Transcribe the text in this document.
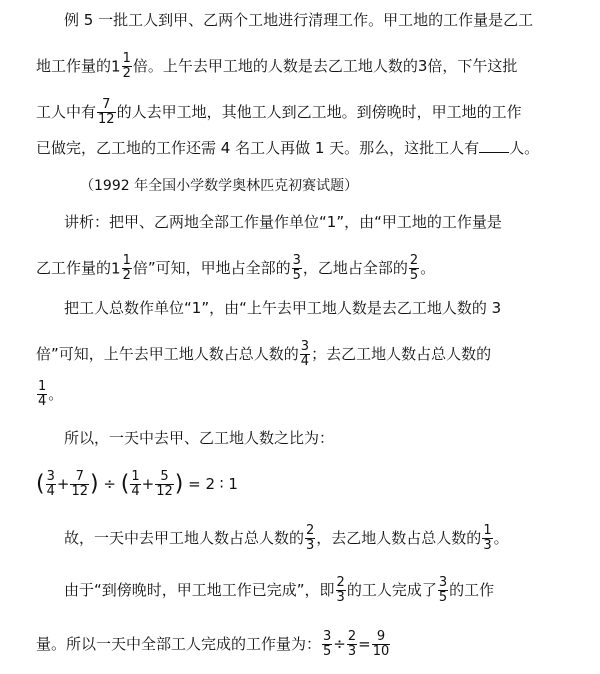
例 5 一批工人到甲、乙两个工地进行清理工作。甲工地的工作量是乙工
地工作量的$1 \frac{1}{2}$ 倍。上午去甲工地的人数是去乙工地人数的3倍，下午这批
工人中有 $\frac{7}{12}$ 的人去甲工地，其他工人到乙工地。到傍晚时，甲工地的工作
已做完，乙工地的工作还需 4 名工人再做 1 天。那么，这批工人有 人。
（1992 年全国小学数学奥林匹克初赛试题）
讲析：把甲、乙两地全部工作量作单位“1”，由“甲工地的工作量是
乙工作量的$1 \frac{1}{2}$ 倍”可知，甲地占全部的 $\frac{3}{5}$ ，乙地占全部的 $\frac{2}{5}$ 。
把工人总数作单位“1”，由“上午去甲工地人数是去乙工地人数的 3
倍”可知，上午去甲工地人数占总人数的 $\frac{3}{4}$ ；去乙工地人数占总人数的
$\frac{1}{4}$ 。
所以，一天中去甲、乙工地人数之比为：
( $\frac{3}{4} + \frac{7}{12}$ ) ÷ ( $\frac{1}{4} + \frac{5}{12}$ ) = 2 ∶ 1
故，一天中去甲工地人数占总人数的 $\frac{2}{3}$ ，去乙地人数占总人数的 $\frac{1}{3}$ 。
由于“到傍晚时，甲工地工作已完成”，即 $\frac{2}{3}$ 的工人完成了 $\frac{3}{5}$ 的工作
量。所以一天中全部工人完成的工作量为： $\frac{3}{5} \div \frac{2}{3} = \frac{9}{10}$
